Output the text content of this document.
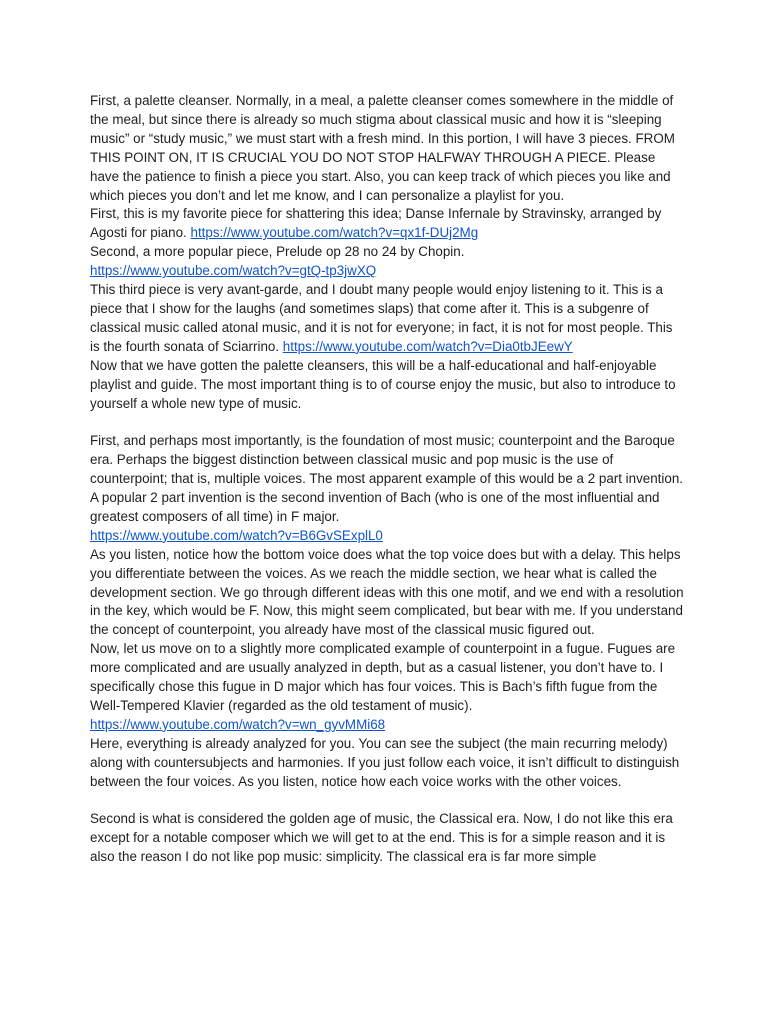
First, a palette cleanser. Normally, in a meal, a palette cleanser comes somewhere in the middle of the meal, but since there is already so much stigma about classical music and how it is “sleeping music” or “study music,” we must start with a fresh mind. In this portion, I will have 3 pieces. FROM THIS POINT ON, IT IS CRUCIAL YOU DO NOT STOP HALFWAY THROUGH A PIECE. Please have the patience to finish a piece you start. Also, you can keep track of which pieces you like and which pieces you don’t and let me know, and I can personalize a playlist for you.

First, this is my favorite piece for shattering this idea; Danse Infernale by Stravinsky, arranged by Agosti for piano. https://www.youtube.com/watch?v=qx1f-DUj2Mg

Second, a more popular piece, Prelude op 28 no 24 by Chopin.

https://www.youtube.com/watch?v=gtQ-tp3jwXQ

This third piece is very avant-garde, and I doubt many people would enjoy listening to it. This is a piece that I show for the laughs (and sometimes slaps) that come after it. This is a subgenre of classical music called atonal music, and it is not for everyone; in fact, it is not for most people. This is the fourth sonata of Sciarrino. https://www.youtube.com/watch?v=Dia0tbJEewY

Now that we have gotten the palette cleansers, this will be a half-educational and half-enjoyable playlist and guide. The most important thing is to of course enjoy the music, but also to introduce to yourself a whole new type of music.

First, and perhaps most importantly, is the foundation of most music; counterpoint and the Baroque era. Perhaps the biggest distinction between classical music and pop music is the use of counterpoint; that is, multiple voices. The most apparent example of this would be a 2 part invention. A popular 2 part invention is the second invention of Bach (who is one of the most influential and greatest composers of all time) in F major.

https://www.youtube.com/watch?v=B6GvSExplL0

As you listen, notice how the bottom voice does what the top voice does but with a delay. This helps you differentiate between the voices. As we reach the middle section, we hear what is called the development section. We go through different ideas with this one motif, and we end with a resolution in the key, which would be F. Now, this might seem complicated, but bear with me. If you understand the concept of counterpoint, you already have most of the classical music figured out.

Now, let us move on to a slightly more complicated example of counterpoint in a fugue. Fugues are more complicated and are usually analyzed in depth, but as a casual listener, you don’t have to. I specifically chose this fugue in D major which has four voices. This is Bach’s fifth fugue from the Well-Tempered Klavier (regarded as the old testament of music).

https://www.youtube.com/watch?v=wn_gyvMMi68

Here, everything is already analyzed for you. You can see the subject (the main recurring melody) along with countersubjects and harmonies. If you just follow each voice, it isn’t difficult to distinguish between the four voices. As you listen, notice how each voice works with the other voices.

Second is what is considered the golden age of music, the Classical era. Now, I do not like this era except for a notable composer which we will get to at the end. This is for a simple reason and it is also the reason I do not like pop music: simplicity. The classical era is far more simple
